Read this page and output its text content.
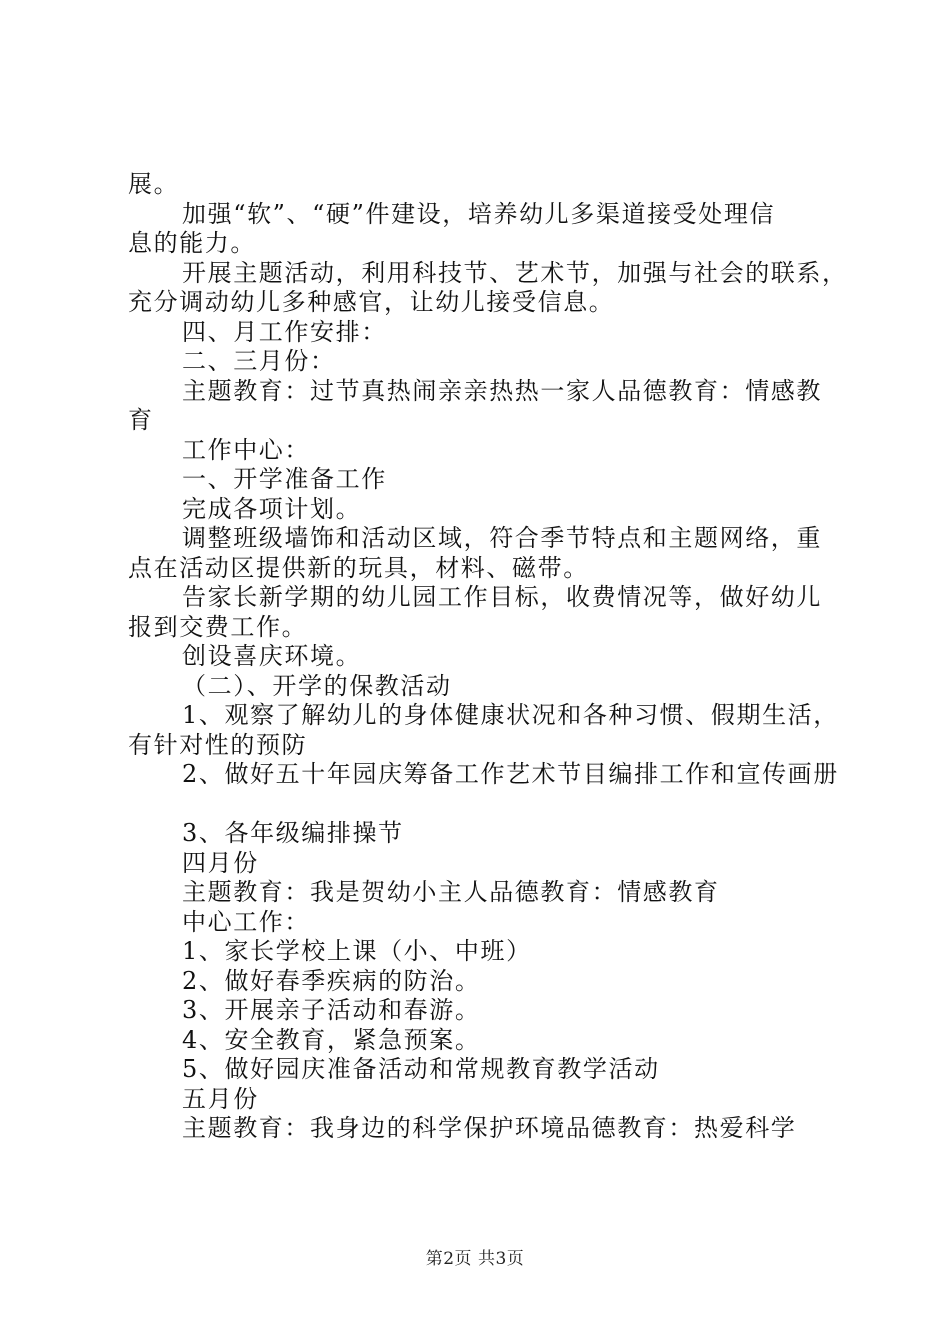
展。
加强“软”、“硬”件建设，培养幼儿多渠道接受处理信
息的能力。
开展主题活动，利用科技节、艺术节，加强与社会的联系，
充分调动幼儿多种感官，让幼儿接受信息。
四、月工作安排：
二、三月份：
主题教育：过节真热闹亲亲热热一家人品德教育：情感教
育
工作中心：
一、开学准备工作
完成各项计划。
调整班级墙饰和活动区域，符合季节特点和主题网络，重
点在活动区提供新的玩具，材料、磁带。
告家长新学期的幼儿园工作目标，收费情况等，做好幼儿
报到交费工作。
创设喜庆环境。
（二）、开学的保教活动
1、观察了解幼儿的身体健康状况和各种习惯、假期生活，
有针对性的预防
2、做好五十年园庆筹备工作艺术节目编排工作和宣传画册
3、各年级编排操节
四月份
主题教育：我是贺幼小主人品德教育：情感教育
中心工作：
1、家长学校上课（小、中班）
2、做好春季疾病的防治。
3、开展亲子活动和春游。
4、安全教育，紧急预案。
5、做好园庆准备活动和常规教育教学活动
五月份
主题教育：我身边的科学保护环境品德教育：热爱科学
第2页 共3页
